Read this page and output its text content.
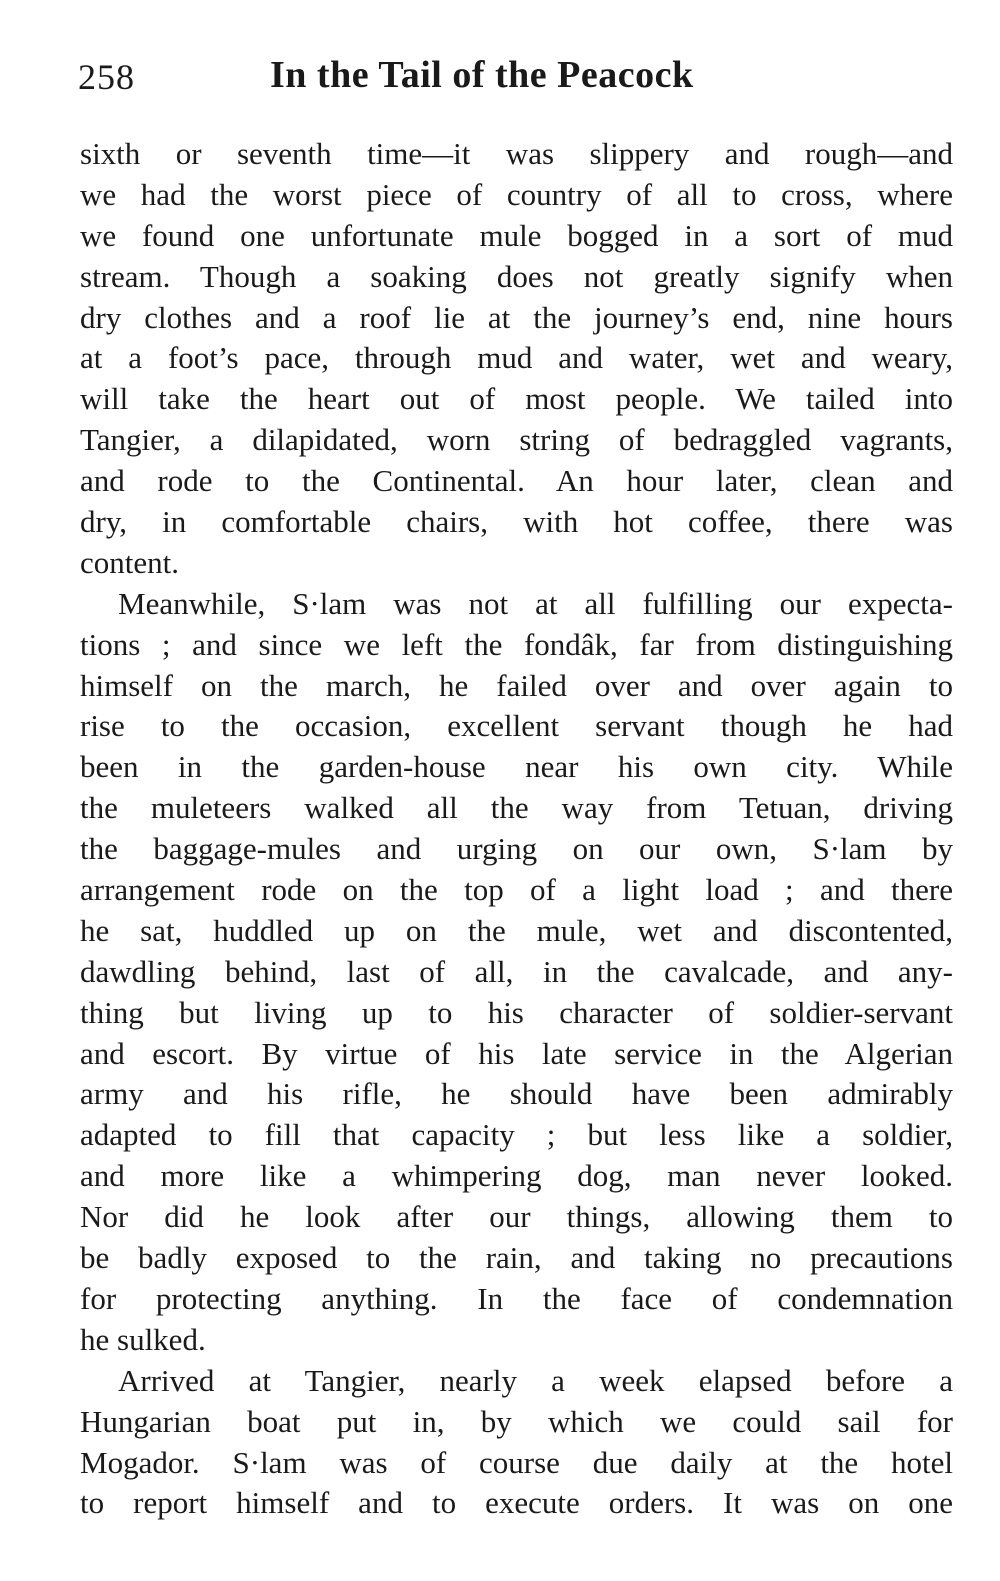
258	In the Tail of the Peacock
sixth or seventh time—it was slippery and rough—and
we had the worst piece of country of all to cross, where
we found one unfortunate mule bogged in a sort of mud
stream. Though a soaking does not greatly signify when
dry clothes and a roof lie at the journey’s end, nine hours
at a foot’s pace, through mud and water, wet and weary,
will take the heart out of most people. We tailed into
Tangier, a dilapidated, worn string of bedraggled vagrants,
and rode to the Continental. An hour later, clean and
dry, in comfortable chairs, with hot coffee, there was
content.
Meanwhile, S·lam was not at all fulfilling our expecta-
tions ; and since we left the fondâk, far from distinguishing
himself on the march, he failed over and over again to
rise to the occasion, excellent servant though he had
been in the garden-house near his own city. While
the muleteers walked all the way from Tetuan, driving
the baggage-mules and urging on our own, S·lam by
arrangement rode on the top of a light load ; and there
he sat, huddled up on the mule, wet and discontented,
dawdling behind, last of all, in the cavalcade, and any-
thing but living up to his character of soldier-servant
and escort. By virtue of his late service in the Algerian
army and his rifle, he should have been admirably
adapted to fill that capacity ; but less like a soldier,
and more like a whimpering dog, man never looked.
Nor did he look after our things, allowing them to
be badly exposed to the rain, and taking no precautions
for protecting anything. In the face of condemnation
he sulked.
Arrived at Tangier, nearly a week elapsed before a
Hungarian boat put in, by which we could sail for
Mogador. S·lam was of course due daily at the hotel
to report himself and to execute orders. It was on one
